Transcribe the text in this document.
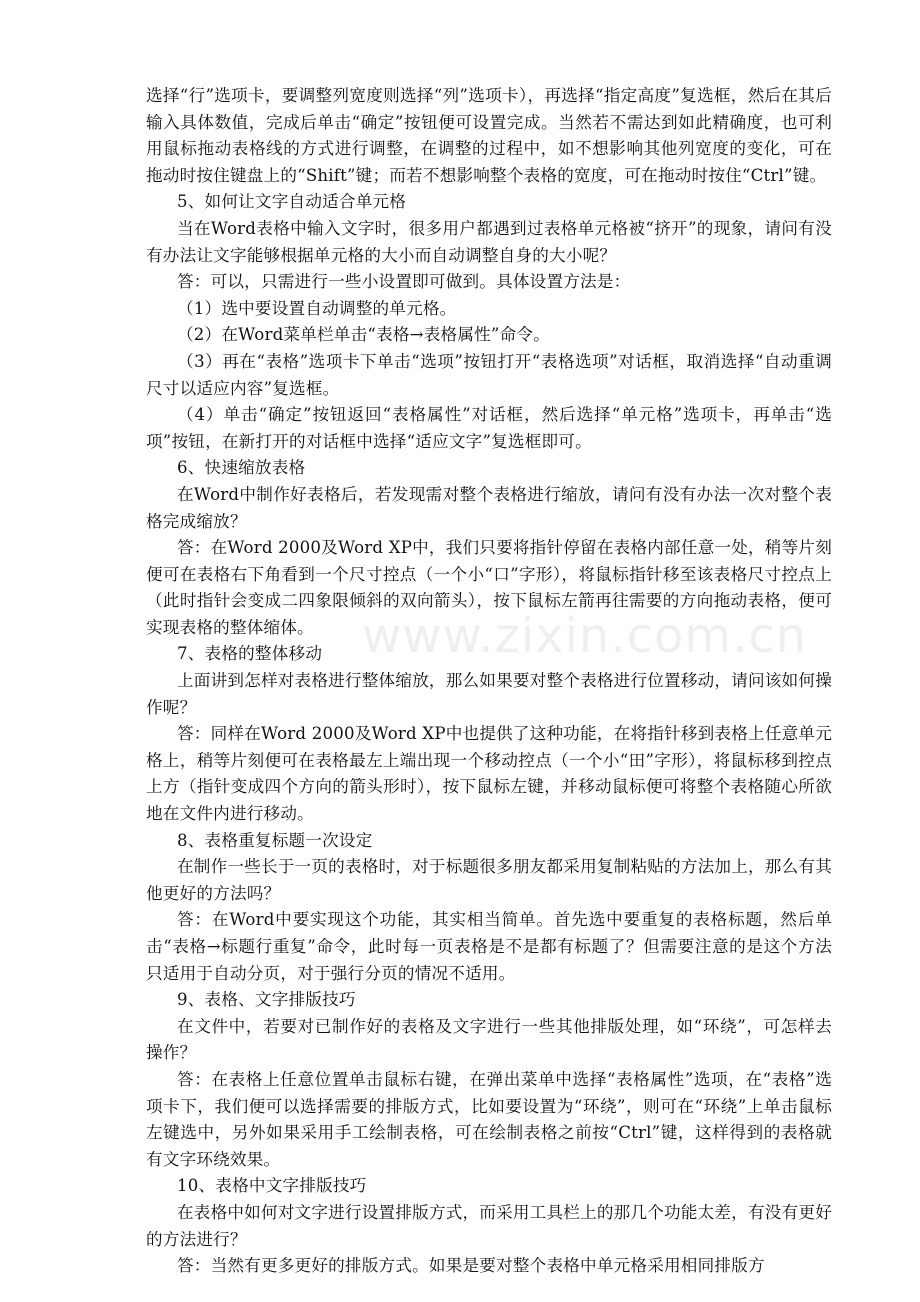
www.zixin.com.cn

选择“行”选项卡，要调整列宽度则选择“列”选项卡），再选择“指定高度”复选框，然后在其后输入具体数值，完成后单击“确定”按钮便可设置完成。当然若不需达到如此精确度，也可利用鼠标拖动表格线的方式进行调整，在调整的过程中，如不想影响其他列宽度的变化，可在拖动时按住键盘上的“Shift”键；而若不想影响整个表格的宽度，可在拖动时按住“Ctrl”键。

5、如何让文字自动适合单元格

当在Word表格中输入文字时，很多用户都遇到过表格单元格被“挤开”的现象，请问有没有办法让文字能够根据单元格的大小而自动调整自身的大小呢？

答：可以，只需进行一些小设置即可做到。具体设置方法是：

（1）选中要设置自动调整的单元格。

（2）在Word菜单栏单击“表格→表格属性”命令。

（3）再在“表格”选项卡下单击“选项”按钮打开“表格选项”对话框，取消选择“自动重调尺寸以适应内容”复选框。

（4）单击“确定”按钮返回“表格属性”对话框，然后选择“单元格”选项卡，再单击“选项”按钮，在新打开的对话框中选择“适应文字”复选框即可。

6、快速缩放表格

在Word中制作好表格后，若发现需对整个表格进行缩放，请问有没有办法一次对整个表格完成缩放？

答：在Word 2000及Word XP中，我们只要将指针停留在表格内部任意一处，稍等片刻便可在表格右下角看到一个尺寸控点（一个小“口”字形），将鼠标指针移至该表格尺寸控点上（此时指针会变成二四象限倾斜的双向箭头），按下鼠标左箭再往需要的方向拖动表格，便可实现表格的整体缩体。

7、表格的整体移动

上面讲到怎样对表格进行整体缩放，那么如果要对整个表格进行位置移动，请问该如何操作呢？

答：同样在Word 2000及Word XP中也提供了这种功能，在将指针移到表格上任意单元格上，稍等片刻便可在表格最左上端出现一个移动控点（一个小“田”字形），将鼠标移到控点上方（指针变成四个方向的箭头形时），按下鼠标左键，并移动鼠标便可将整个表格随心所欲地在文件内进行移动。

8、表格重复标题一次设定

在制作一些长于一页的表格时，对于标题很多朋友都采用复制粘贴的方法加上，那么有其他更好的方法吗？

答：在Word中要实现这个功能，其实相当简单。首先选中要重复的表格标题，然后单击“表格→标题行重复”命令，此时每一页表格是不是都有标题了？但需要注意的是这个方法只适用于自动分页，对于强行分页的情况不适用。

9、表格、文字排版技巧

在文件中，若要对已制作好的表格及文字进行一些其他排版处理，如“环绕”，可怎样去操作？

答：在表格上任意位置单击鼠标右键，在弹出菜单中选择“表格属性”选项，在“表格”选项卡下，我们便可以选择需要的排版方式，比如要设置为“环绕”，则可在“环绕”上单击鼠标左键选中，另外如果采用手工绘制表格，可在绘制表格之前按“Ctrl”键，这样得到的表格就有文字环绕效果。

10、表格中文字排版技巧

在表格中如何对文字进行设置排版方式，而采用工具栏上的那几个功能太差，有没有更好的方法进行？

答：当然有更多更好的排版方式。如果是要对整个表格中单元格采用相同排版方
